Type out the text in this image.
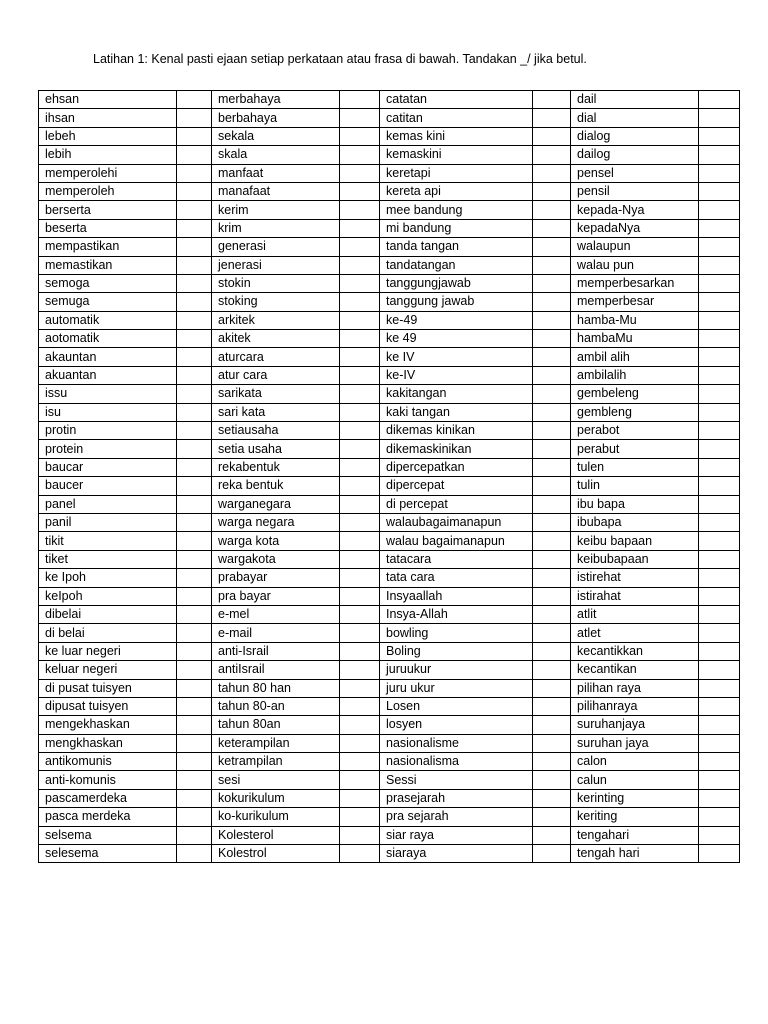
Latihan 1: Kenal pasti ejaan setiap perkataan atau frasa di bawah. Tandakan _/ jika betul.
ehsan		merbahaya		catatan		dail	
ihsan		berbahaya		catitan		dial	
lebeh		sekala		kemas kini		dialog	
lebih		skala		kemaskini		dailog	
memperolehi		manfaat		keretapi		pensel	
memperoleh		manafaat		kereta api		pensil	
berserta		kerim		mee bandung		kepada-Nya	
beserta		krim		mi bandung		kepadaNya	
mempastikan		generasi		tanda tangan		walaupun	
memastikan		jenerasi		tandatangan		walau pun	
semoga		stokin		tanggungjawab		memperbesarkan	
semuga		stoking		tanggung jawab		memperbesar	
automatik		arkitek		ke-49		hamba-Mu	
aotomatik		akitek		ke 49		hambaMu	
akauntan		aturcara		ke IV		ambil alih	
akuantan		atur cara		ke-IV		ambilalih	
issu		sarikata		kakitangan		gembeleng	
isu		sari kata		kaki tangan		gembleng	
protin		setiausaha		dikemas kinikan		perabot	
protein		setia usaha		dikemaskinikan		perabut	
baucar		rekabentuk		dipercepatkan		tulen	
baucer		reka bentuk		dipercepat		tulin	
panel		warganegara		di percepat		ibu bapa	
panil		warga negara		walaubagaimanapun		ibubapa	
tikit		warga kota		walau bagaimanapun		keibu bapaan	
tiket		wargakota		tatacara		keibubapaan	
ke Ipoh		prabayar		tata cara		istirehat	
keIpoh		pra bayar		Insyaallah		istirahat	
dibelai		e-mel		Insya-Allah		atlit	
di belai		e-mail		bowling		atlet	
ke luar negeri		anti-Israil		Boling		kecantikkan	
keluar negeri		antiIsrail		juruukur		kecantikan	
di pusat tuisyen		tahun 80 han		juru ukur		pilihan raya	
dipusat tuisyen		tahun 80-an		Losen		pilihanraya	
mengekhaskan		tahun 80an		losyen		suruhanjaya	
mengkhaskan		keterampilan		nasionalisme		suruhan jaya	
antikomunis		ketrampilan		nasionalisma		calon	
anti-komunis		sesi		Sessi		calun	
pascamerdeka		kokurikulum		prasejarah		kerinting	
pasca merdeka		ko-kurikulum		pra sejarah		keriting	
selsema		Kolesterol		siar raya		tengahari	
selesema		Kolestrol		siaraya		tengah hari	
